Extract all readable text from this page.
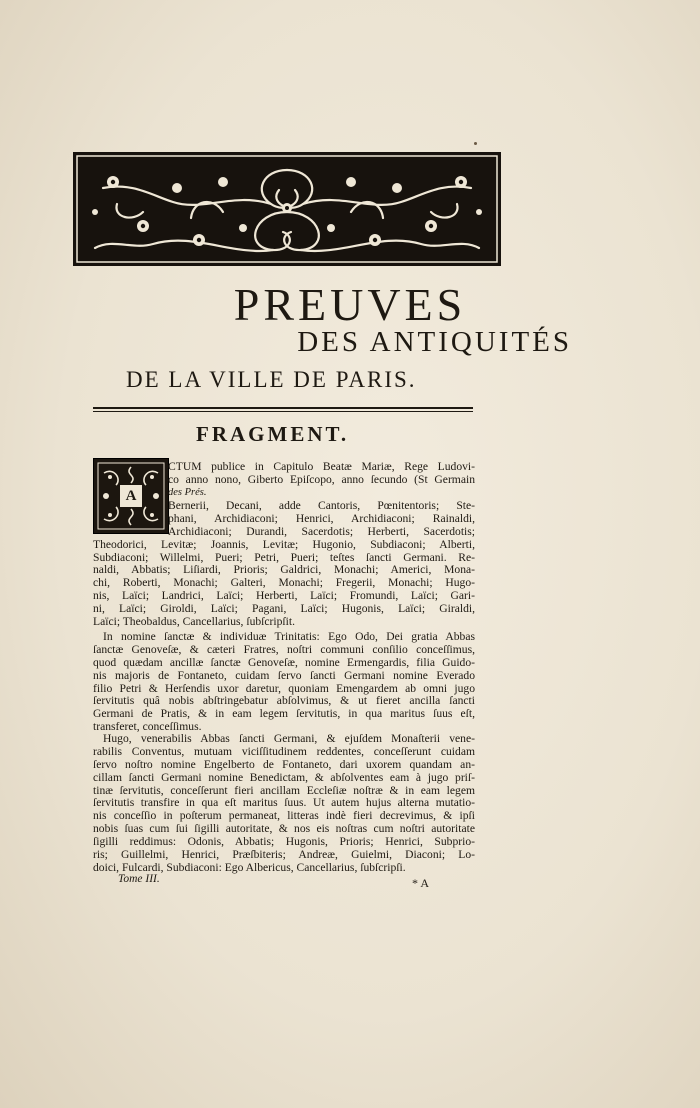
PREUVES
DES ANTIQUITÉS
DE LA VILLE DE PARIS.
FRAGMENT.
A
CTUM publice in Capitulo Beatæ Mariæ, Rege Ludovi-
co anno nono, Giberto Epiſcopo, anno ſecundo (St Germain
des Prés.
Bernerii, Decani, adde Cantoris, Pœnitentoris; Ste-
phani, Archidiaconi; Henrici, Archidiaconi; Rainaldi,
Archidiaconi; Durandi, Sacerdotis; Herberti, Sacerdotis;
Theodorici, Levitæ; Joannis, Levitæ; Hugonio, Subdiaconi; Alberti,
Subdiaconi; Willelmi, Pueri; Petri, Pueri; teſtes ſancti Germani. Re-
naldi, Abbatis; Liſiardi, Prioris; Galdrici, Monachi; Americi, Mona-
chi, Roberti, Monachi; Galteri, Monachi; Fregerii, Monachi; Hugo-
nis, Laïci; Landrici, Laïci; Herberti, Laïci; Fromundi, Laïci; Gari-
ni, Laïci; Giroldi, Laïci; Pagani, Laïci; Hugonis, Laïci; Giraldi,
Laïci; Theobaldus, Cancellarius, ſubſcripſit.
In nomine ſanctæ & individuæ Trinitatis: Ego Odo, Dei gratia Abbas
ſanctæ Genoveſæ, & cæteri Fratres, noſtri communi conſilio conceſſimus,
quod quædam ancillæ ſanctæ Genoveſæ, nomine Ermengardis, filia Guido-
nis majoris de Fontaneto, cuidam ſervo ſancti Germani nomine Everado
filio Petri & Herſendis uxor daretur, quoniam Emengardem ab omni jugo
ſervitutis quâ nobis abſtringebatur abſolvimus, & ut fieret ancilla ſancti
Germani de Pratis, & in eam legem ſervitutis, in qua maritus ſuus eſt,
transferet, conceſſimus.
Hugo, venerabilis Abbas ſancti Germani, & ejuſdem Monaſterii vene-
rabilis Conventus, mutuam viciſſitudinem reddentes, conceſſerunt cuidam
ſervo noſtro nomine Engelberto de Fontaneto, dari uxorem quandam an-
cillam ſancti Germani nomine Benedictam, & abſolventes eam à jugo priſ-
tinæ ſervitutis, conceſſerunt fieri ancillam Eccleſiæ noſtræ & in eam legem
ſervitutis transfire in qua eſt maritus ſuus. Ut autem hujus alterna mutatio-
nis conceſſio in poſterum permaneat, litteras indè fieri decrevimus, & ipſi
nobis ſuas cum ſui ſigilli autoritate, & nos eis noſtras cum noſtri autoritate
ſigilli reddimus: Odonis, Abbatis; Hugonis, Prioris; Henrici, Subprio-
ris; Guillelmi, Henrici, Præſbiteris; Andreæ, Guielmi, Diaconi; Lo-
doici, Fulcardi, Subdiaconi: Ego Albericus, Cancellarius, ſubſcripſi.
Tome III.	* A
